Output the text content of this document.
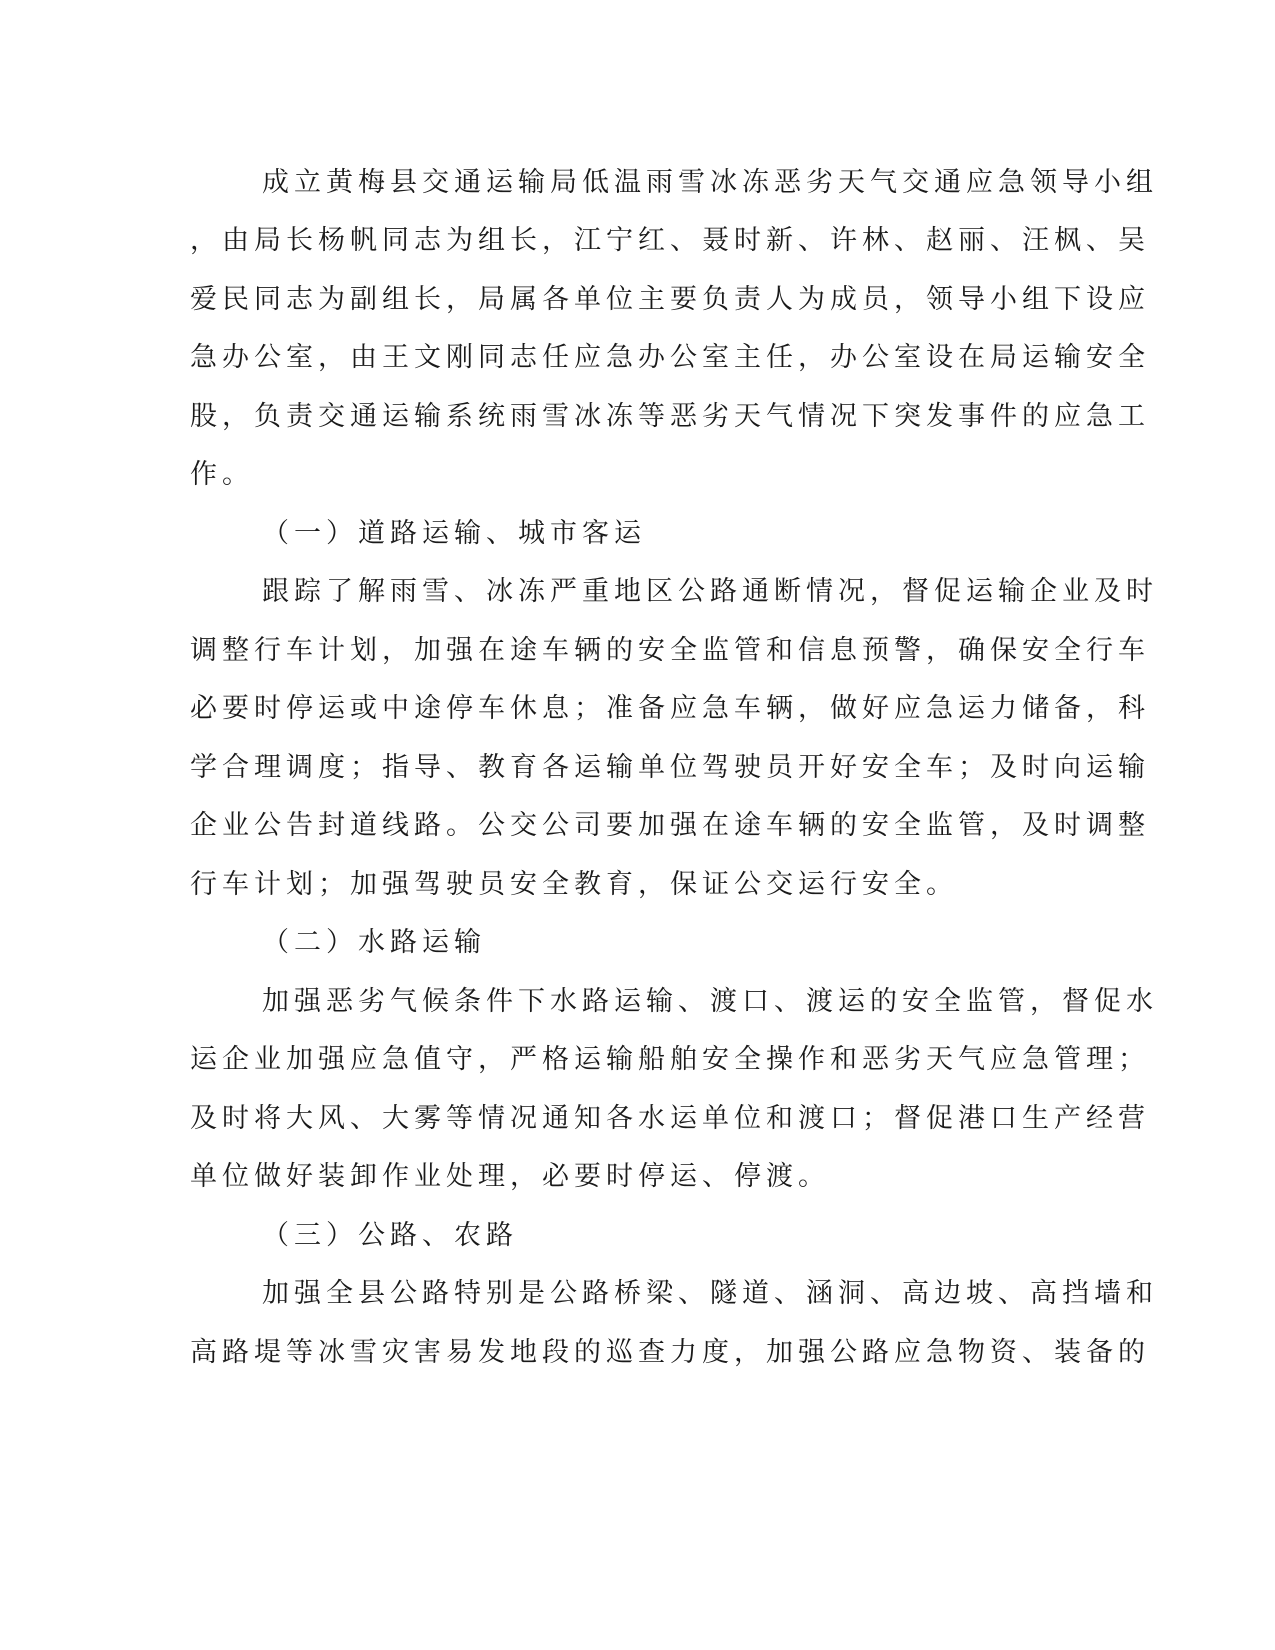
成立黄梅县交通运输局低温雨雪冰冻恶劣天气交通应急领导小组
，由局长杨帆同志为组长，江宁红、聂时新、许林、赵丽、汪枫、吴
爱民同志为副组长，局属各单位主要负责人为成员，领导小组下设应
急办公室，由王文刚同志任应急办公室主任，办公室设在局运输安全
股，负责交通运输系统雨雪冰冻等恶劣天气情况下突发事件的应急工
作。
（一）道路运输、城市客运
跟踪了解雨雪、冰冻严重地区公路通断情况，督促运输企业及时
调整行车计划，加强在途车辆的安全监管和信息预警，确保安全行车
必要时停运或中途停车休息；准备应急车辆，做好应急运力储备，科
学合理调度；指导、教育各运输单位驾驶员开好安全车；及时向运输
企业公告封道线路。公交公司要加强在途车辆的安全监管，及时调整
行车计划；加强驾驶员安全教育，保证公交运行安全。
（二）水路运输
加强恶劣气候条件下水路运输、渡口、渡运的安全监管，督促水
运企业加强应急值守，严格运输船舶安全操作和恶劣天气应急管理；
及时将大风、大雾等情况通知各水运单位和渡口；督促港口生产经营
单位做好装卸作业处理，必要时停运、停渡。
（三）公路、农路
加强全县公路特别是公路桥梁、隧道、涵洞、高边坡、高挡墙和
高路堤等冰雪灾害易发地段的巡查力度，加强公路应急物资、装备的
